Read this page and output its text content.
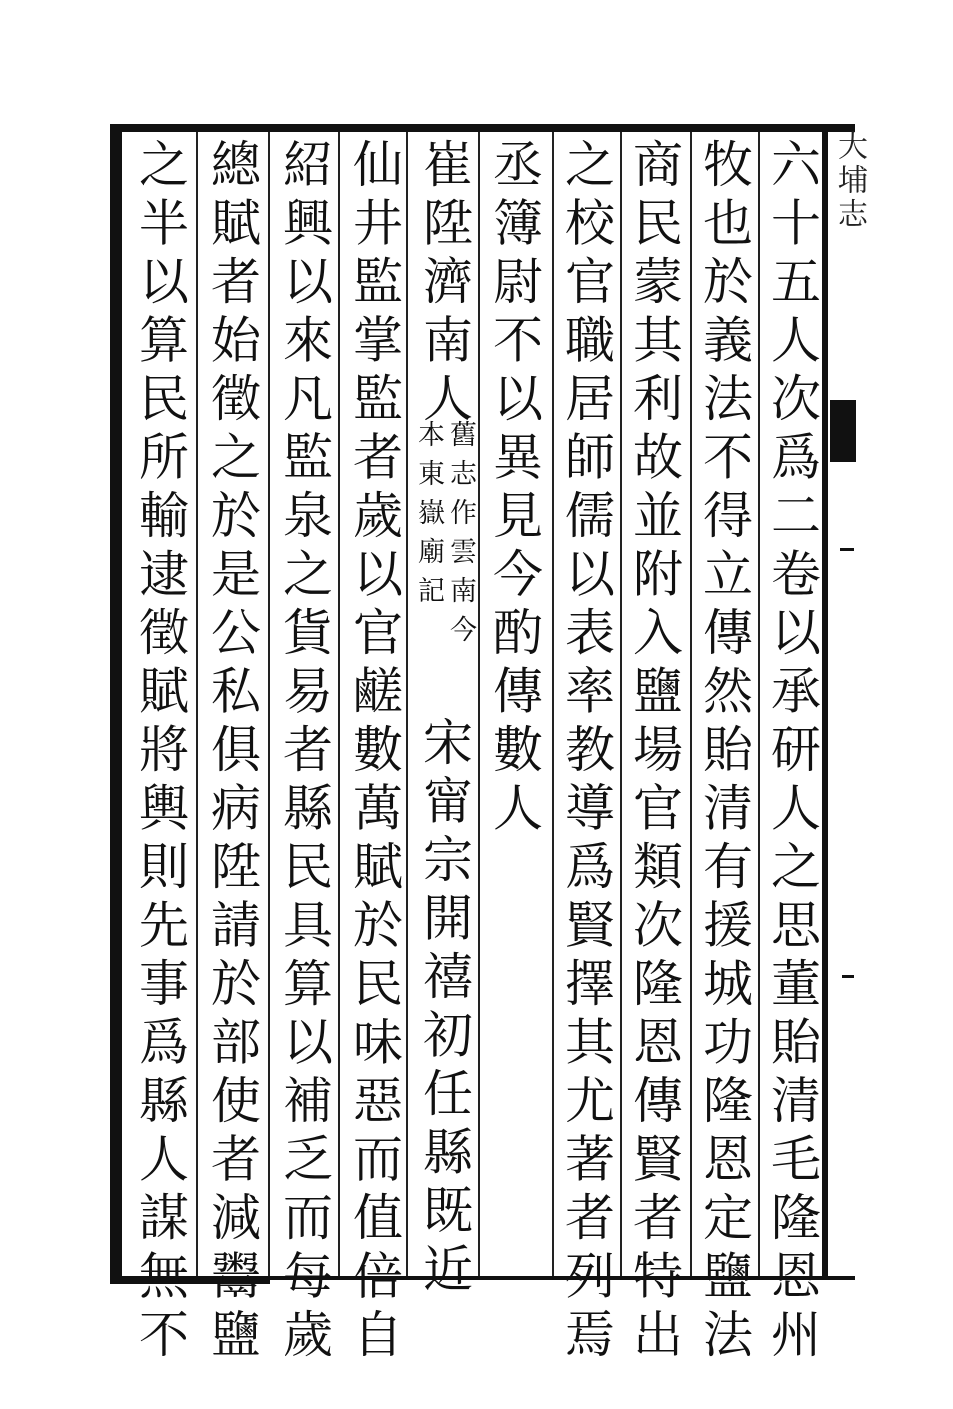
大埔志
六十五人次爲二卷以承研人之思董貽清毛隆恩州
牧也於義法不得立傳然貽清有援城功隆恩定鹽法
商民蒙其利故並附入鹽場官類次隆恩傳賢者特出
之校官職居師儒以表率教導爲賢擇其尤著者列焉
丞簿尉不以異見今酌傳數人
崔陞濟南人
舊志作雲南今
本東嶽廟記
宋甯宗開禧初任縣既近
仙井監掌監者歲以官鹺數萬賦於民味惡而值倍自
紹興以來凡監泉之貨易者縣民具算以補乏而每歲
總賦者始徵之於是公私俱病陞請於部使者減鬻鹽
之半以算民所輸逮徵賦將輿則先事爲縣人謀無不
